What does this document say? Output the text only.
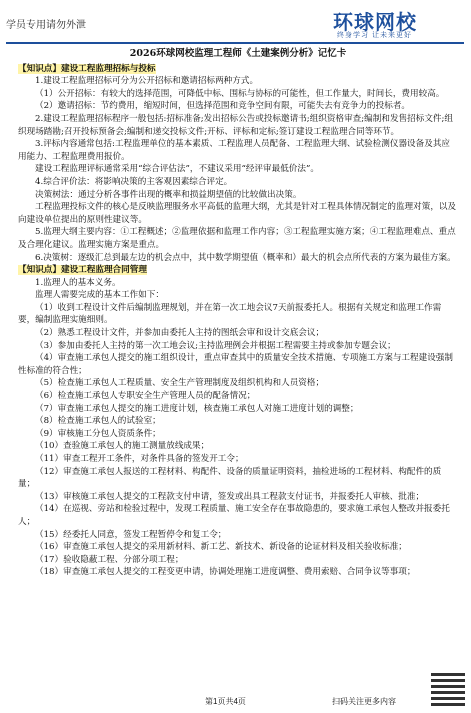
学员专用请勿外泄	环球网校
终身学习 让未来更好

2026环球网校监理工程师《土建案例分析》记忆卡

【知识点】建设工程监理招标与投标

1.建设工程监理招标可分为公开招标和邀请招标两种方式。

（1）公开招标：有较大的选择范围，可降低中标、围标与协标的可能性，但工作量大，时间长，费用较高。

（2）邀请招标：节约费用，缩短时间，但选择范围和竞争空间有限，可能失去有竞争力的投标者。

2.建设工程监理招标程序一般包括:招标准备;发出招标公告或投标邀请书;组织资格审查;编制和发售招标文件;组织现场踏勘;召开投标预备会;编制和递交投标文件;开标、评标和定标;签订建设工程监理合同等环节。

3.评标内容通常包括:工程监理单位的基本素质、工程监理人员配备、工程监理大纲、试验检测仪器设备及其应用能力、工程监理费用报价。

建设工程监理评标通常采用“综合评估法”，不建议采用“经评审最低价法”。

4.综合评价法：将影响决策的主客观因素综合评定。

决策树法：通过分析各事件出现的概率和损益期望值的比较做出决策。

工程监理投标文件的核心是反映监理服务水平高低的监理大纲，尤其是针对工程具体情况制定的监理对策，以及向建设单位提出的原则性建议等。

5.监理大纲主要内容：①工程概述；②监理依据和监理工作内容；③工程监理实施方案；④工程监理难点、重点及合理化建议。监理实施方案是重点。

6.决策树：逐级汇总到最左边的机会点中，其中数学期望值（概率和）最大的机会点所代表的方案为最佳方案。

【知识点】建设工程监理合同管理

1.监理人的基本义务。

监理人需要完成的基本工作如下：

（1）收到工程设计文件后编制监理规划，并在第一次工地会议7天前报委托人。根据有关规定和监理工作需要，编制监理实施细则。

（2）熟悉工程设计文件，并参加由委托人主持的图纸会审和设计交底会议；

（3）参加由委托人主持的第一次工地会议;主持监理例会并根据工程需要主持或参加专题会议；

（4）审查施工承包人提交的施工组织设计，重点审查其中的质量安全技术措施、专项施工方案与工程建设强制性标准的符合性；

（5）检查施工承包人工程质量、安全生产管理制度及组织机构和人员资格；

（6）检查施工承包人专职安全生产管理人员的配备情况；

（7）审查施工承包人提交的施工进度计划，核查施工承包人对施工进度计划的调整；

（8）检查施工承包人的试验室；

（9）审核施工分包人资质条件；

（10）查验施工承包人的施工测量放线成果；

（11）审查工程开工条件，对条件具备的签发开工令；

（12）审查施工承包人报送的工程材料、构配件、设备的质量证明资料，抽检进场的工程材料、构配件的质量；

（13）审核施工承包人提交的工程款支付申请，签发或出具工程款支付证书，并报委托人审核、批准；

（14）在巡视、旁站和检验过程中，发现工程质量、施工安全存在事故隐患的，要求施工承包人整改并报委托人；

（15）经委托人同意，签发工程暂停令和复工令；

（16）审查施工承包人提交的采用新材料、新工艺、新技术、新设备的论证材料及相关验收标准；

（17）验收隐蔽工程、分部分项工程；

（18）审查施工承包人提交的工程变更申请，协调处理施工进度调整、费用索赔、合同争议等事项；

第1页共4页	扫码关注更多内容
